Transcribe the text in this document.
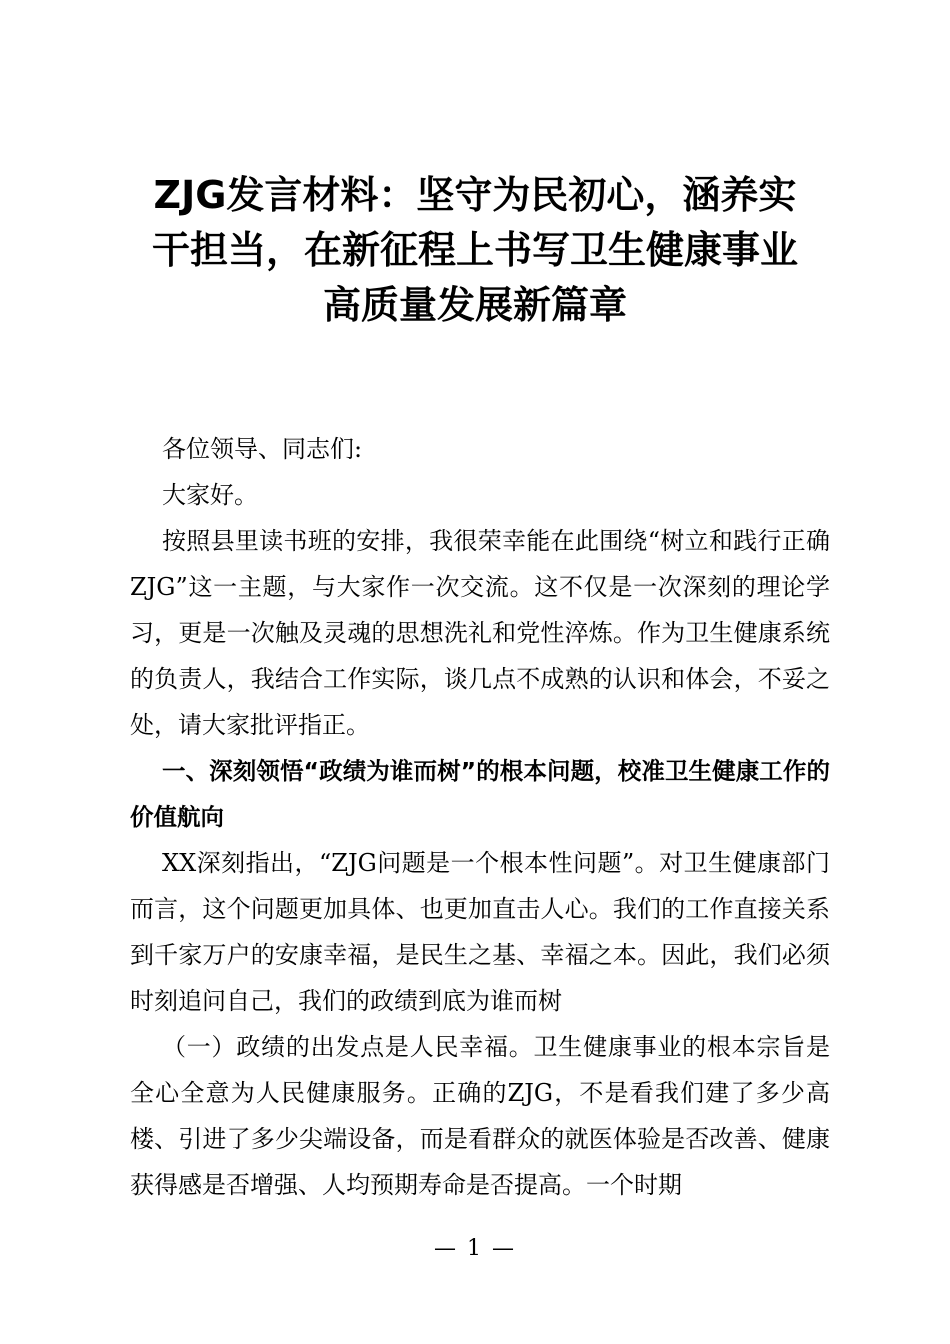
ZJG发言材料：坚守为民初心，涵养实
干担当，在新征程上书写卫生健康事业
高质量发展新篇章

各位领导、同志们:

大家好。

按照县里读书班的安排，我很荣幸能在此围绕“树立和践行正确ZJG”这一主题，与大家作一次交流。这不仅是一次深刻的理论学习，更是一次触及灵魂的思想洗礼和党性淬炼。作为卫生健康系统的负责人，我结合工作实际，谈几点不成熟的认识和体会，不妥之处，请大家批评指正。

一、深刻领悟“政绩为谁而树”的根本问题，校准卫生健康工作的价值航向

XX深刻指出，“ZJG问题是一个根本性问题”。对卫生健康部门而言，这个问题更加具体、也更加直击人心。我们的工作直接关系到千家万户的安康幸福，是民生之基、幸福之本。因此，我们必须时刻追问自己，我们的政绩到底为谁而树

（一）政绩的出发点是人民幸福。卫生健康事业的根本宗旨是全心全意为人民健康服务。正确的ZJG，不是看我们建了多少高楼、引进了多少尖端设备，而是看群众的就医体验是否改善、健康获得感是否增强、人均预期寿命是否提高。一个时期

— 1 —
